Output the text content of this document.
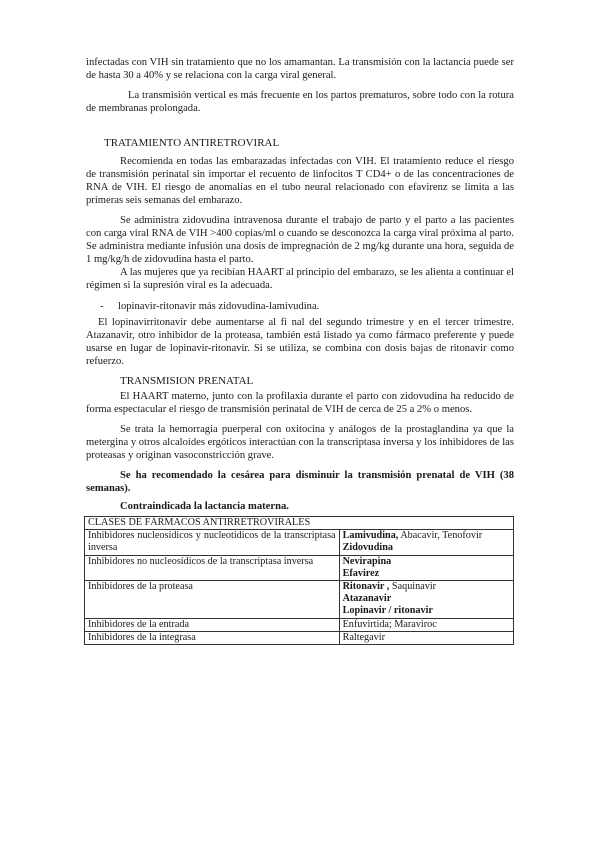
infectadas con VIH sin tratamiento que no los amamantan. La transmisión con la lactancia puede ser de hasta 30 a 40% y se relaciona con la carga viral general.

La transmisión vertical es más frecuente en los partos prematuros, sobre todo con la rotura de membranas prolongada.

TRATAMIENTO ANTIRETROVIRAL

Recomienda en todas las embarazadas infectadas con VIH. El tratamiento reduce el riesgo de transmisión perinatal sin importar el recuento de linfocitos T CD4+ o de las concentraciones de RNA de VIH. El riesgo de anomalías en el tubo neural relacionado con efavirenz se limita a las primeras seis semanas del embarazo.

Se administra zidovudina intravenosa durante el trabajo de parto y el parto a las pacientes con carga viral RNA de VIH >400 copias/ml o cuando se desconozca la carga viral próxima al parto. Se administra mediante infusión una dosis de impregnación de 2 mg/kg durante una hora, seguida de 1 mg/kg/h de zidovudina hasta el parto.

A las mujeres que ya recibían HAART al principio del embarazo, se les alienta a continuar el régimen si la supresión viral es la adecuada.

-	lopinavir-ritonavir más zidovudina-lamivudina.

El lopinavirritonavir debe aumentarse al fi nal del segundo trimestre y en el tercer trimestre. Atazanavir, otro inhibidor de la proteasa, también está listado ya como fármaco preferente y puede usarse en lugar de lopinavir-ritonavir. Si se utiliza, se combina con dosis bajas de ritonavir como refuerzo.

TRANSMISION PRENATAL

El HAART materno, junto con la profilaxia durante el parto con zidovudina ha reducido de forma espectacular el riesgo de transmisión perinatal de VIH de cerca de 25 a 2% o menos.

Se trata la hemorragia puerperal con oxitocina y análogos de la prostaglandina ya que la metergina y otros alcaloides ergóticos interactúan con la transcriptasa inversa y los inhibidores de las proteasas y originan vasoconstricción grave.

Se ha recomendado la cesárea para disminuir la transmisión prenatal de VIH (38 semanas).

Contraindicada la lactancia materna.

CLASES DE FÁRMACOS ANTIRRETROVIRALES	
Inhibidores nucleosídicos y nucleotídicos de la transcriptasa inversa	Lamivudina, Abacavir, Tenofovir
Zidovudina

Inhibidores no nucleosídicos de la transcriptasa inversa	Nevirapina
Efavirez

Inhibidores de la proteasa	Ritonavir , Saquinavir
Atazanavir
Lopinavir / ritonavir

Inhibidores de la entrada	Enfuvirtida; Maraviroc
Inhibidores de la integrasa	Raltegavir
